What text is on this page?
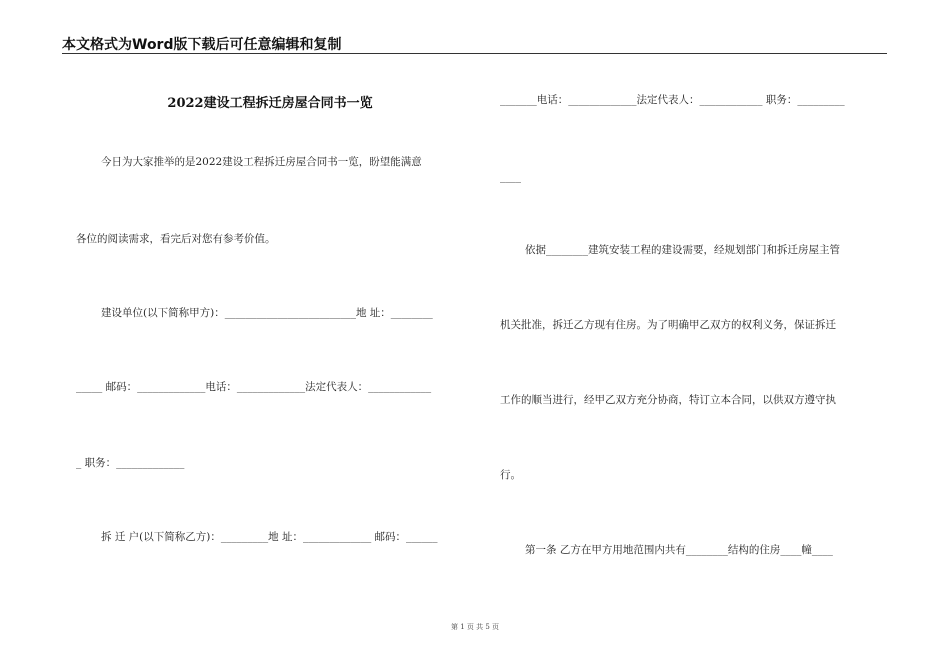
本文格式为Word版下载后可任意编辑和复制
2022建设工程拆迁房屋合同书一览
今日为大家推举的是2022建设工程拆迁房屋合同书一览，盼望能满意
各位的阅读需求，看完后对您有参考价值。
建设单位(以下简称甲方)：_________________________地 址：________
_____ 邮码：_____________电话：_____________法定代表人：____________
_ 职务：_____________
拆 迁 户(以下简称乙方)：_________地 址：_____________ 邮码：______
_______电话：_____________法定代表人：____________ 职务：_________
____
依据________建筑安装工程的建设需要，经规划部门和拆迁房屋主管
机关批准，拆迁乙方现有住房。为了明确甲乙双方的权利义务，保证拆迁
工作的顺当进行，经甲乙双方充分协商，特订立本合同，以供双方遵守执
行。
第一条 乙方在甲方用地范围内共有________结构的住房____幢____
第 1 页 共 5 页
